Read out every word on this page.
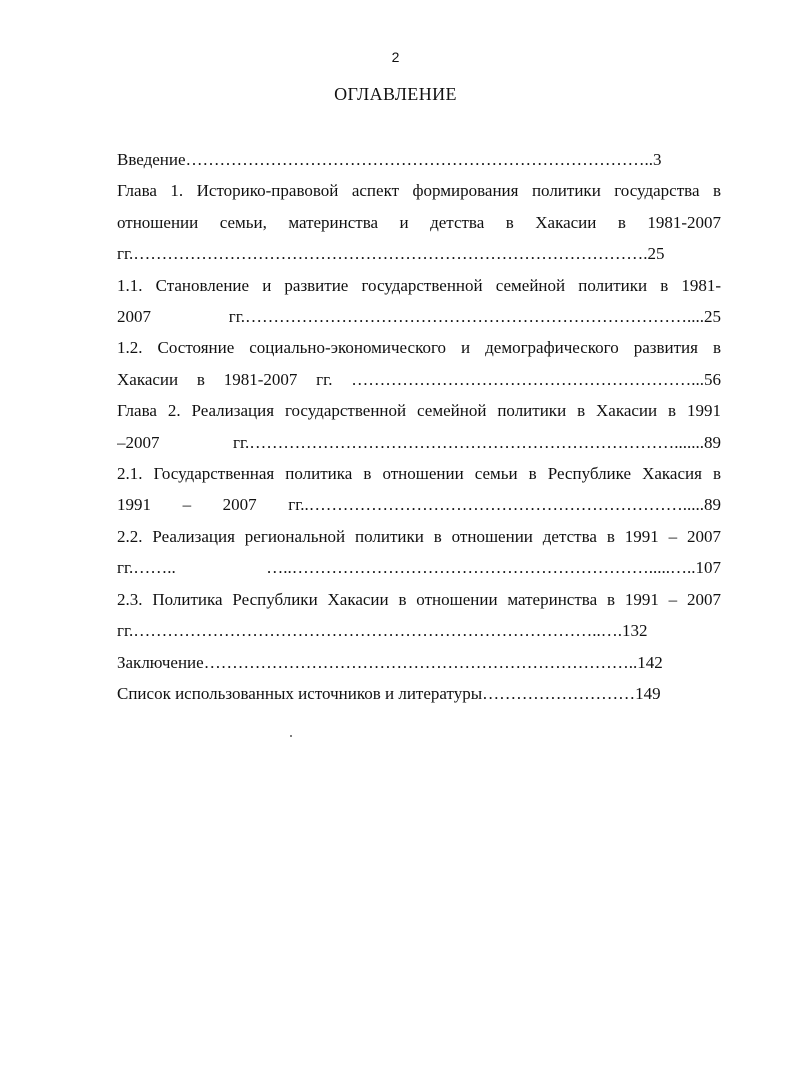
2
ОГЛАВЛЕНИЕ
Введение………………………………………………………………………..3
Глава 1. Историко-правовой аспект формирования политики государства в
отношении семьи, материнства и детства в Хакасии в 1981-2007
гг.……………………………………………………………………………….25
1.1. Становление и развитие государственной семейной политики в 1981-
2007 гг.……………………………………………………………………....25
1.2. Состояние социально-экономического и демографического развития в
Хакасии в 1981-2007 гг. ……………………………………………………...56
Глава 2. Реализация государственной семейной политики в Хакасии в 1991
–2007 гг.………………………………………………………………….......89
2.1. Государственная политика в отношении семьи в Республике Хакасия в
1991 – 2007 гг..………………………………………………………….....89
2.2. Реализация региональной политики в отношении детства в 1991 – 2007
гг.…….. …..……………………………………………………….....…..107
2.3. Политика Республики Хакасии в отношении материнства в 1991 – 2007
гг.………………………………………………………………………..….132
Заключение…………………………………………………………………..142
Список использованных источников и литературы………………………149
